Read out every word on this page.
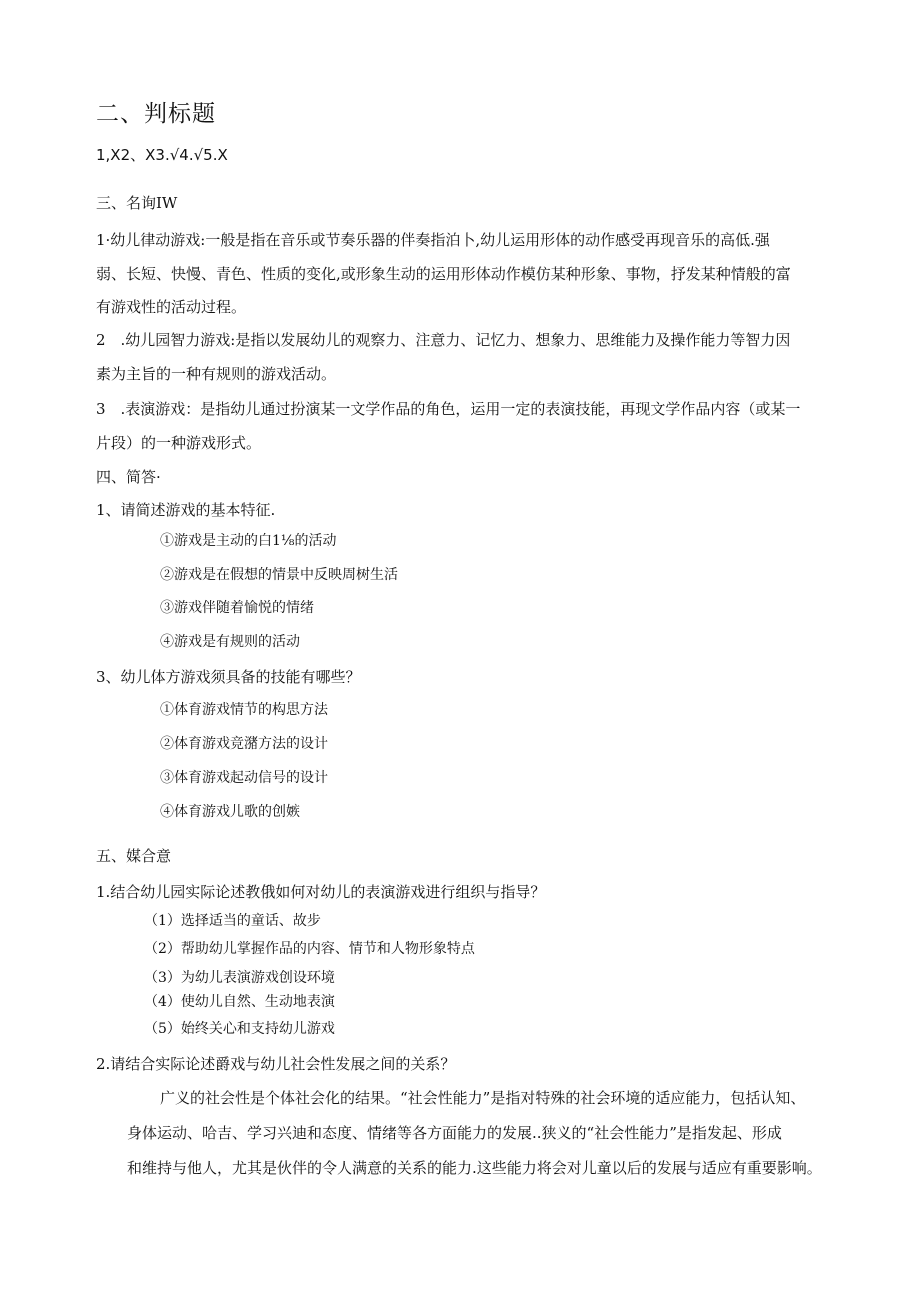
二、判标题
1,X2、X3.√4.√5.X
三、名询IW
1·幼儿律动游戏:一般是指在音乐或节奏乐器的伴奏指泊卜,幼儿运用形体的动作感受再现音乐的高低.强
弱、长短、快慢、青色、性质的变化,或形象生动的运用形体动作模仿某种形象、事物，抒发某种情般的富
有游戏性的活动过程。
2　.幼儿园智力游戏:是指以发展幼儿的观察力、注意力、记忆力、想象力、思维能力及操作能力等智力因
素为主旨的一种有规则的游戏活动。
3　.表演游戏：是指幼儿通过扮演某一文学作品的角色，运用一定的表演技能，再现文学作品内容（或某一
片段）的一种游戏形式。
四、简答·
1、请简述游戏的基本特征.
①游戏是主动的白1⅛的活动
②游戏是在假想的情景中反映周树生活
③游戏伴随着愉悦的情绪
④游戏是有规则的活动
3、幼儿体方游戏须具备的技能有哪些？
①体育游戏情节的构思方法
②体育游戏竞潴方法的设计
③体育游戏起动信号的设计
④体育游戏儿歌的创嫉
五、媒合意
1.结合幼儿园实际论述教俄如何对幼儿的表演游戏进行组织与指导？
（1）选择适当的童话、故步
（2）帮助幼儿掌握作品的内容、情节和人物形象特点
（3）为幼儿表演游戏创设环境
（4）使幼儿自然、生动地表演
（5）始终关心和支持幼儿游戏
2.请结合实际论述爵戏与幼儿社会性发展之间的关系？
广义的社会性是个体社会化的结果。“社会性能力”是指对特殊的社会环境的适应能力，包括认知、
身体运动、哈吉、学习兴迪和态度、情绪等各方面能力的发展..狭义的“社会性能力”是指发起、形成
和维持与他人，尤其是伙伴的令人满意的关系的能力.这些能力将会对儿童以后的发展与适应有重要影响。
